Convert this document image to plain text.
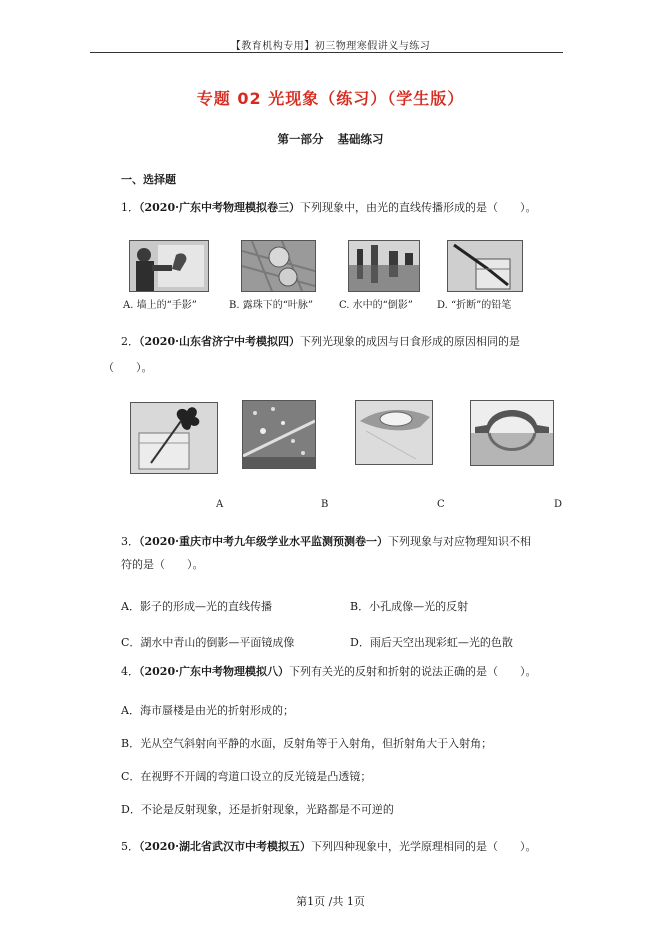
【教育机构专用】初三物理寒假讲义与练习
专题 02 光现象（练习）（学生版）
第一部分 基础练习
一、选择题
1．（2020·广东中考物理模拟卷三）下列现象中，由光的直线传播形成的是（　　）。
A. 墙上的“手影”	B. 露珠下的“叶脉”	C. 水中的“倒影” D. “折断”的铅笔
2．（2020·山东省济宁中考模拟四）下列光现象的成因与日食形成的原因相同的是
（　　）。
A	B	C	D
3．（2020·重庆市中考九年级学业水平监测预测卷一）下列现象与对应物理知识不相
符的是（　　）。
A．影子的形成—光的直线传播	B．小孔成像—光的反射
C．湖水中青山的倒影—平面镜成像	D．雨后天空出现彩虹—光的色散
4．（2020·广东中考物理模拟八）下列有关光的反射和折射的说法正确的是（　　）。
A．海市蜃楼是由光的折射形成的；
B．光从空气斜射向平静的水面，反射角等于入射角，但折射角大于入射角；
C．在视野不开阔的弯道口设立的反光镜是凸透镜；
D．不论是反射现象，还是折射现象，光路都是不可逆的
5．（2020·湖北省武汉市中考模拟五）下列四种现象中，光学原理相同的是（　　）。
第1页 /共 1页
